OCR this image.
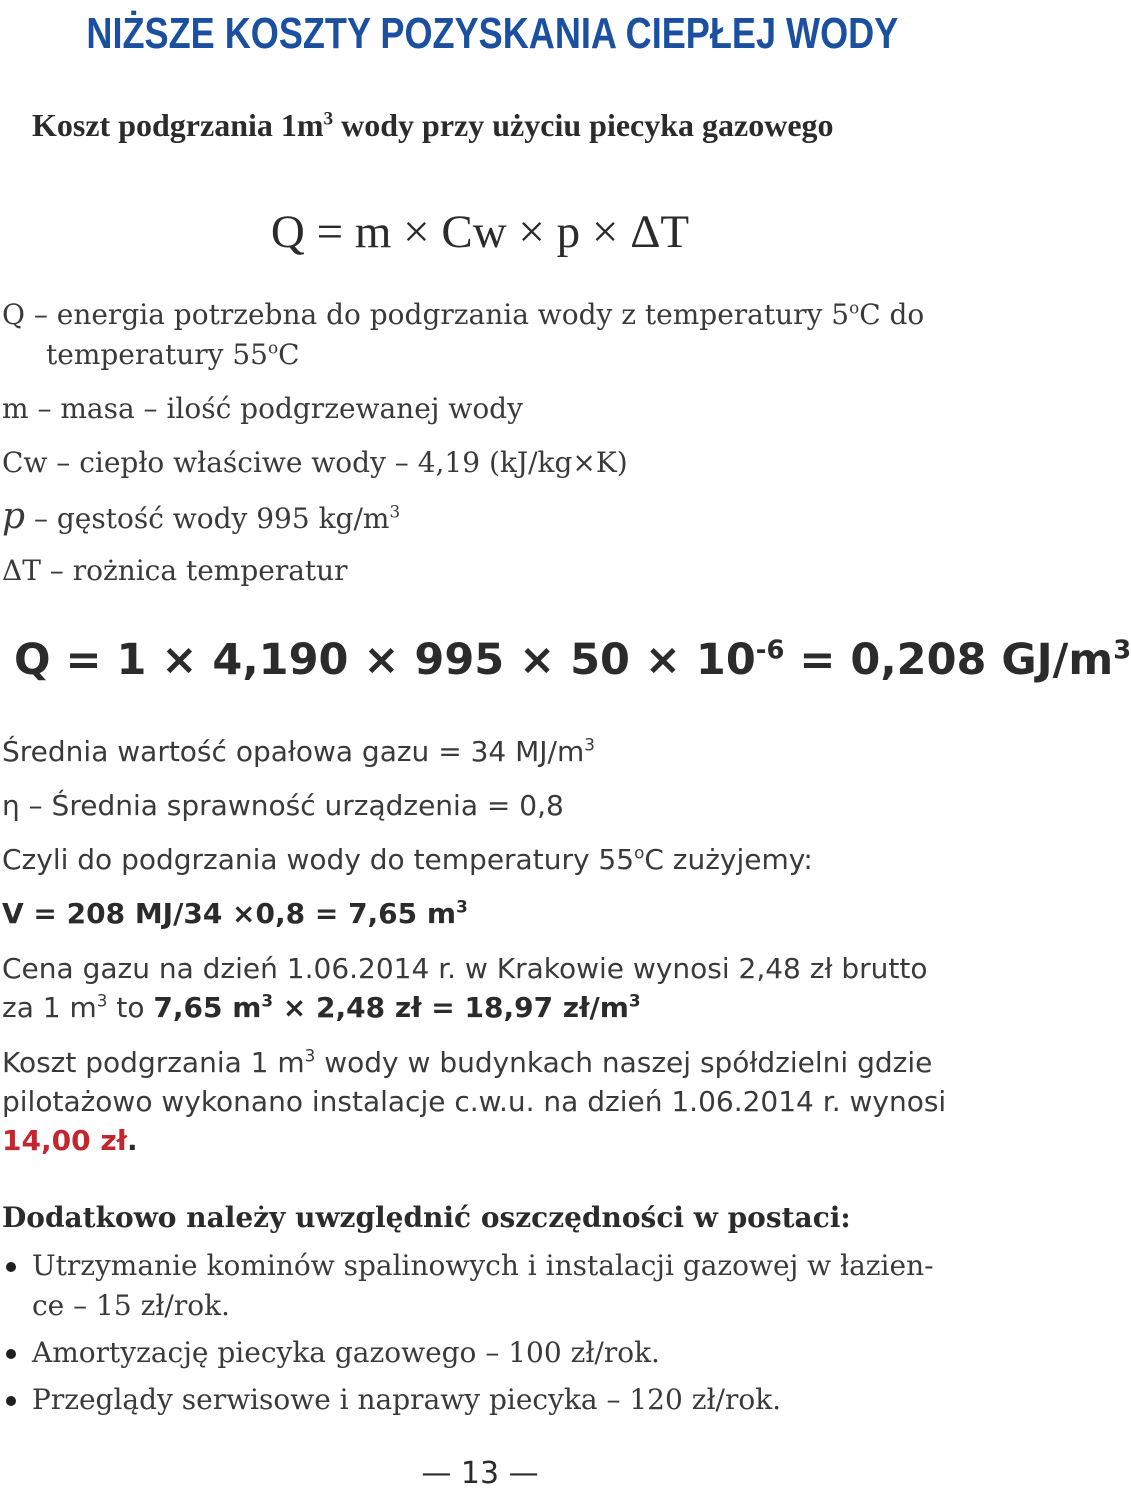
NIŻSZE KOSZTY POZYSKANIA CIEPŁEJ WODY
Koszt podgrzania $1m^3$ wody przy użyciu piecyka gazowego
Q = m × Cw × p × ΔT
Q – energia potrzebna do podgrzania wody z temperatury 5$^o$C do
temperatury 55$^o$C
m – masa – ilość podgrzewanej wody
Cw – ciepło właściwe wody – 4,19 (kJ/kg×K)
p – gęstość wody 995 $kg/m^3$
ΔT – rożnica temperatur
$Q = 1 \times 4,190 \times 995 \times 50 \times 10^{-6} = 0,208$ $GJ/m^3$
Średnia wartość opałowa gazu = 34 $MJ/m^3$
η – Średnia sprawność urządzenia = 0,8
Czyli do podgrzania wody do temperatury 55$^o$C zużyjemy:
V = 208 MJ/34 ×0,8 = 7,65 $m^3$
Cena gazu na dzień 1.06.2014 r. w Krakowie wynosi 2,48 zł brutto
za 1 $m^3$ to 7,65 $m^3 \times 2,48$ zł = 18,97 $zł/m^3$
Koszt podgrzania 1 $m^3$ wody w budynkach naszej spółdzielni gdzie
pilotażowo wykonano instalacje c.w.u. na dzień 1.06.2014 r. wynosi
14,00 zł.
Dodatkowo należy uwzględnić oszczędności w postaci:
Utrzymanie kominów spalinowych i instalacji gazowej w łazien-
ce – 15 zł/rok.
Amortyzację piecyka gazowego – 100 zł/rok.
Przeglądy serwisowe i naprawy piecyka – 120 zł/rok.
— 13 —
